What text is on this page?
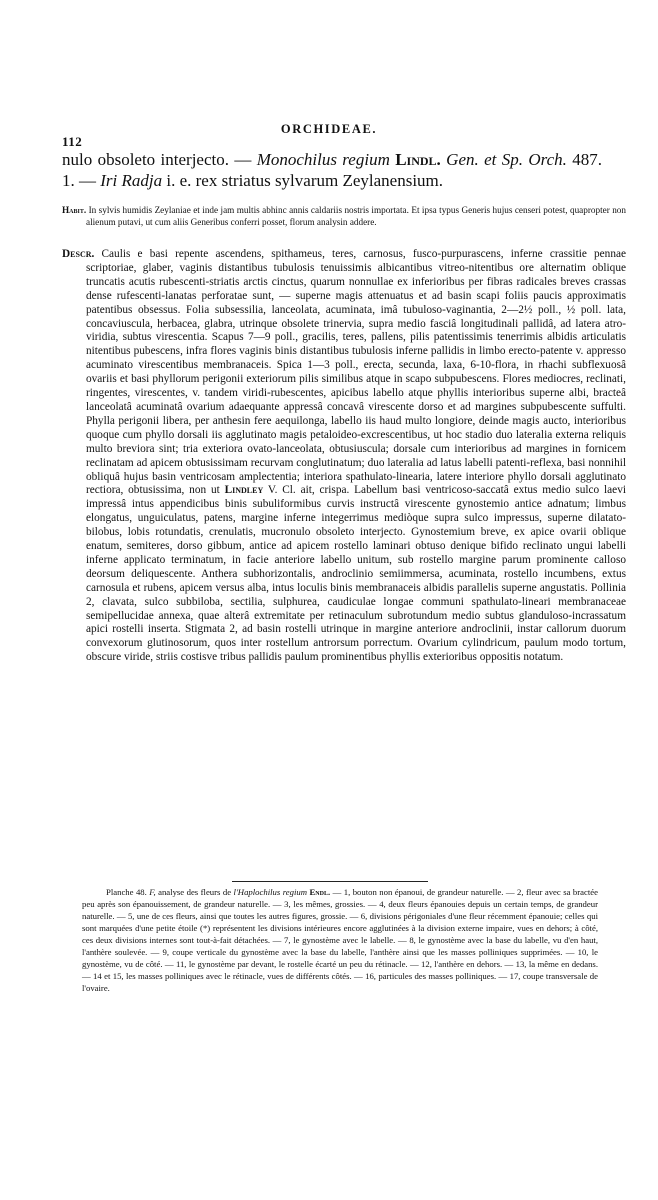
112
ORCHIDEAE.
nulo obsoleto interjecto. — Monochilus regium Lindl. Gen. et Sp. Orch. 487. 1. — Iri Radja i. e. rex striatus sylvarum Zeylanensium.
Habit. In sylvis humidis Zeylaniae et inde jam multis abhinc annis caldariis nostris importata. Et ipsa typus Generis hujus censeri potest, quapropter non alienum putavi, ut cum aliis Generibus conferri posset, florum analysin addere.
Descr. Caulis e basi repente ascendens, spithameus, teres, carnosus, fusco-purpurascens, inferne crassitie pennae scriptoriae, glaber, vaginis distantibus tubulosis tenuissimis albicantibus vitreo-nitentibus ore alternatim oblique truncatis acutis rubescenti-striatis arctis cinctus, quarum nonnullae ex inferioribus per fibras radicales breves crassas dense rufescenti-lanatas perforatae sunt, — superne magis attenuatus et ad basin scapi foliis paucis approximatis patentibus obsessus. Folia subsessilia, lanceolata, acuminata, imâ tubuloso-vaginantia, 2—2½ poll., ½ poll. lata, concaviuscula, herbacea, glabra, utrinque obsolete trinervia, supra medio fasciâ longitudinali pallidâ, ad latera atro-viridia, subtus virescentia. Scapus 7—9 poll., gracilis, teres, pallens, pilis patentissimis tenerrimis albidis articulatis nitentibus pubescens, infra flores vaginis binis distantibus tubulosis inferne pallidis in limbo erecto-patente v. appresso acuminato virescentibus membranaceis. Spica 1—3 poll., erecta, secunda, laxa, 6-10-flora, in rhachi subflexuosâ ovariis et basi phyllorum perigonii exteriorum pilis similibus atque in scapo subpubescens. Flores mediocres, reclinati, ringentes, virescentes, v. tandem viridi-rubescentes, apicibus labello atque phyllis interioribus superne albi, bracteâ lanceolatâ acuminatâ ovarium adaequante appressâ concavâ virescente dorso et ad margines subpubescente suffulti. Phylla perigonii libera, per anthesin fere aequilonga, labello iis haud multo longiore, deinde magis aucto, interioribus quoque cum phyllo dorsali iis agglutinato magis petaloideo-excrescentibus, ut hoc stadio duo lateralia externa reliquis multo breviora sint; tria exteriora ovato-lanceolata, obtusiuscula; dorsale cum interioribus ad margines in fornicem reclinatam ad apicem obtusissimam recurvam conglutinatum; duo lateralia ad latus labelli patenti-reflexa, basi nonnihil obliquâ hujus basin ventricosam amplectentia; interiora spathulato-linearia, latere interiore phyllo dorsali agglutinato rectiora, obtusissima, non ut Lindley V. Cl. ait, crispa. Labellum basi ventricoso-saccatâ extus medio sulco laevi impressâ intus appendicibus binis subuliformibus curvis instructâ virescente gynostemio antice adnatum; limbus elongatus, unguiculatus, patens, margine inferne integerrimus mediòque supra sulco impressus, superne dilatato-bilobus, lobis rotundatis, crenulatis, mucronulo obsoleto interjecto. Gynostemium breve, ex apice ovarii oblique enatum, semiteres, dorso gibbum, antice ad apicem rostello laminari obtuso denique bifido reclinato ungui labelli inferne applicato terminatum, in facie anteriore labello unitum, sub rostello margine parum prominente calloso deorsum deliquescente. Anthera subhorizontalis, androclinio semiimmersa, acuminata, rostello incumbens, extus carnosula et rubens, apicem versus alba, intus loculis binis membranaceis albidis parallelis superne angustatis. Pollinia 2, clavata, sulco subbiloba, sectilia, sulphurea, caudiculae longae communi spathulato-lineari membranaceae semipellucidae annexa, quae alterâ extremitate per retinaculum subrotundum medio subtus glanduloso-incrassatum apici rostelli inserta. Stigmata 2, ad basin rostelli utrinque in margine anteriore androclinii, instar callorum duorum convexorum glutinosorum, quos inter rostellum antrorsum porrectum. Ovarium cylindricum, paulum modo tortum, obscure viride, striis costisve tribus pallidis paulum prominentibus phyllis exterioribus oppositis notatum.
Planche 48. F, analyse des fleurs de l'Haplochilus regium Endl. — 1, bouton non épanoui, de grandeur naturelle. — 2, fleur avec sa bractée peu après son épanouissement, de grandeur naturelle. — 3, les mêmes, grossies. — 4, deux fleurs épanouies depuis un certain temps, de grandeur naturelle. — 5, une de ces fleurs, ainsi que toutes les autres figures, grossie. — 6, divisions périgoniales d'une fleur récemment épanouie; celles qui sont marquées d'une petite étoile (*) représentent les divisions intérieures encore agglutinées à la division externe impaire, vues en dehors; à côté, ces deux divisions internes sont tout-à-fait détachées. — 7, le gynostème avec le labelle. — 8, le gynostème avec la base du labelle, vu d'en haut, l'anthère soulevée. — 9, coupe verticale du gynostème avec la base du labelle, l'anthère ainsi que les masses polliniques supprimées. — 10, le gynostème, vu de côté. — 11, le gynostème par devant, le rostelle écarté un peu du rétinacle. — 12, l'anthère en dehors. — 13, la même en dedans. — 14 et 15, les masses polliniques avec le rétinacle, vues de différents côtés. — 16, particules des masses polliniques. — 17, coupe transversale de l'ovaire.
